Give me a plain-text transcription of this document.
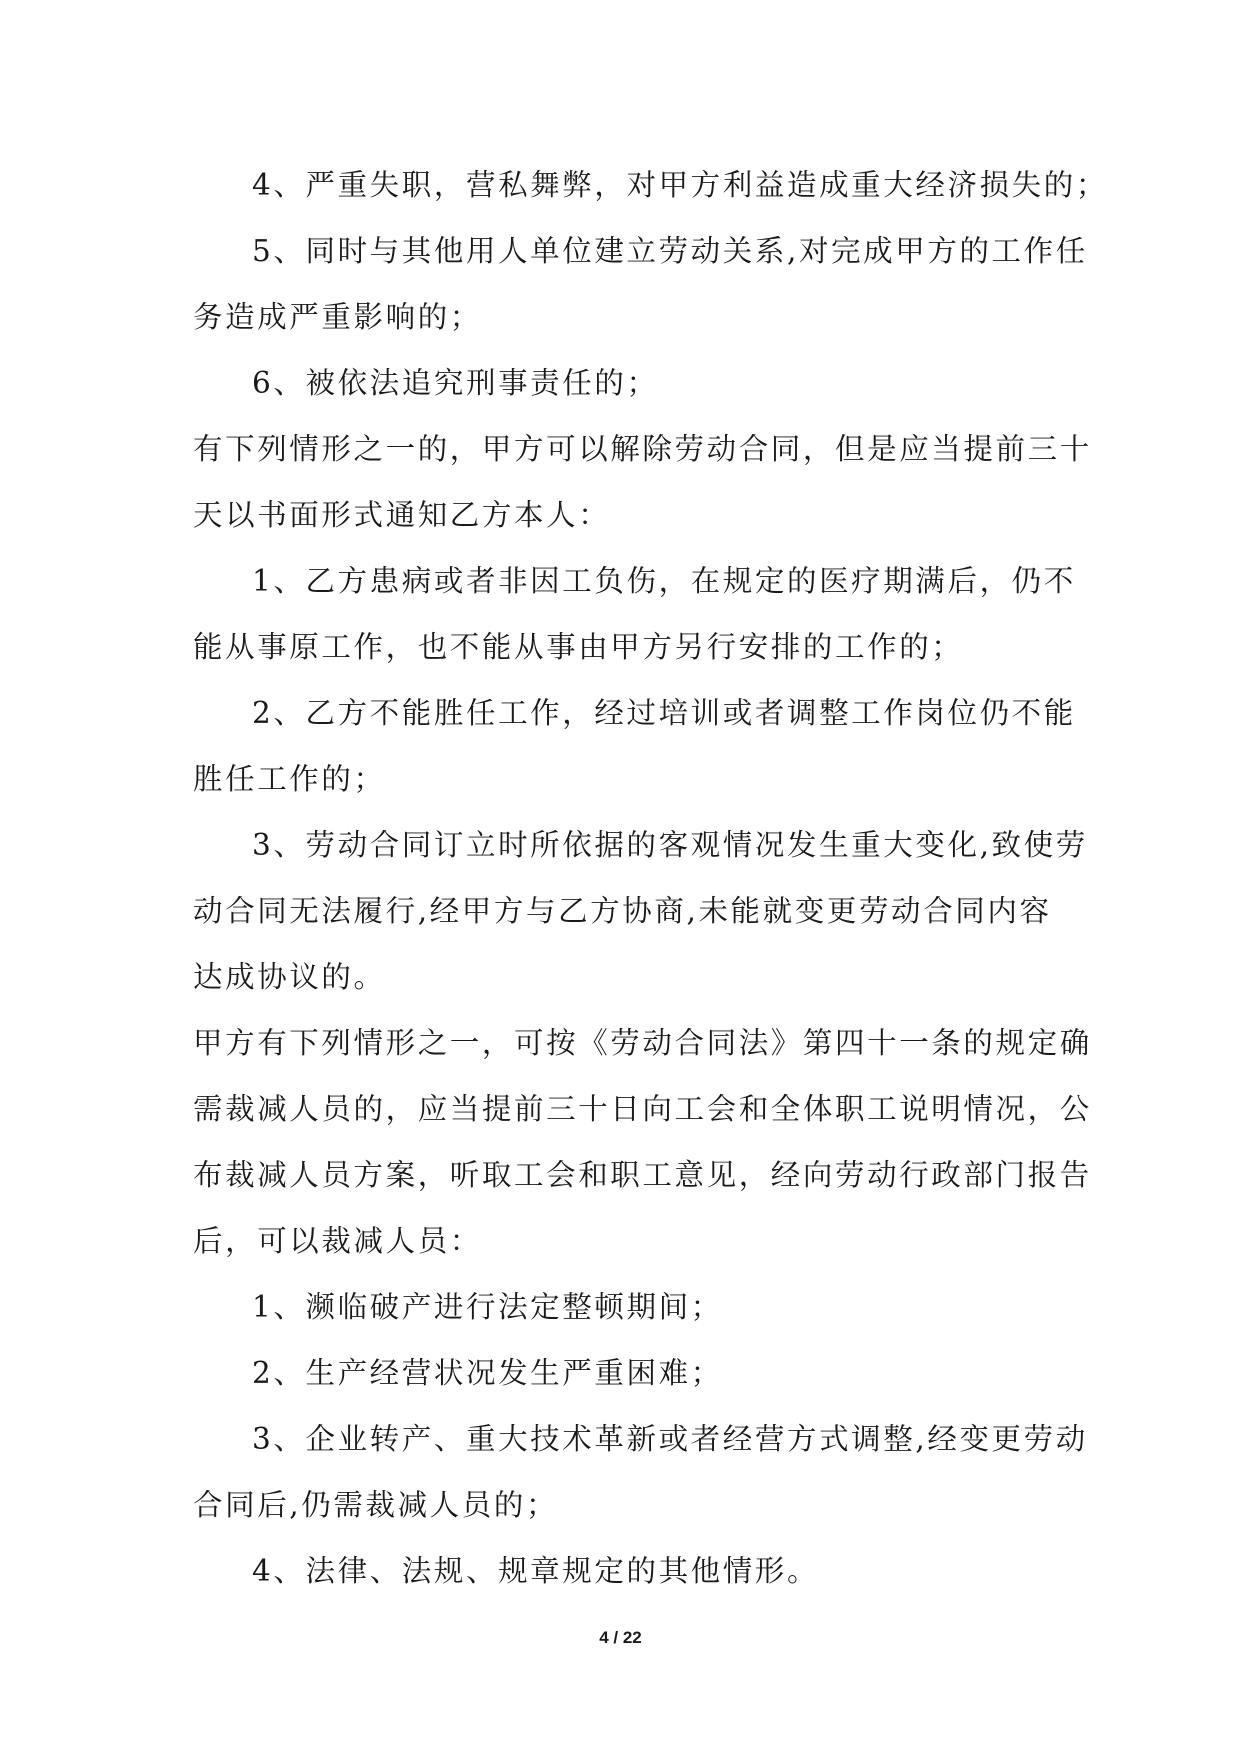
4、严重失职，营私舞弊，对甲方利益造成重大经济损失的；
5、同时与其他用人单位建立劳动关系,对完成甲方的工作任
务造成严重影响的；
6、被依法追究刑事责任的；
有下列情形之一的，甲方可以解除劳动合同，但是应当提前三十
天以书面形式通知乙方本人：
1、乙方患病或者非因工负伤，在规定的医疗期满后，仍不
能从事原工作，也不能从事由甲方另行安排的工作的；
2、乙方不能胜任工作，经过培训或者调整工作岗位仍不能
胜任工作的；
3、劳动合同订立时所依据的客观情况发生重大变化,致使劳
动合同无法履行,经甲方与乙方协商,未能就变更劳动合同内容
达成协议的。
甲方有下列情形之一，可按《劳动合同法》第四十一条的规定确
需裁减人员的，应当提前三十日向工会和全体职工说明情况，公
布裁减人员方案，听取工会和职工意见，经向劳动行政部门报告
后，可以裁减人员：
1、濒临破产进行法定整顿期间；
2、生产经营状况发生严重困难；
3、企业转产、重大技术革新或者经营方式调整,经变更劳动
合同后,仍需裁减人员的；
4、法律、法规、规章规定的其他情形。
4 / 22
